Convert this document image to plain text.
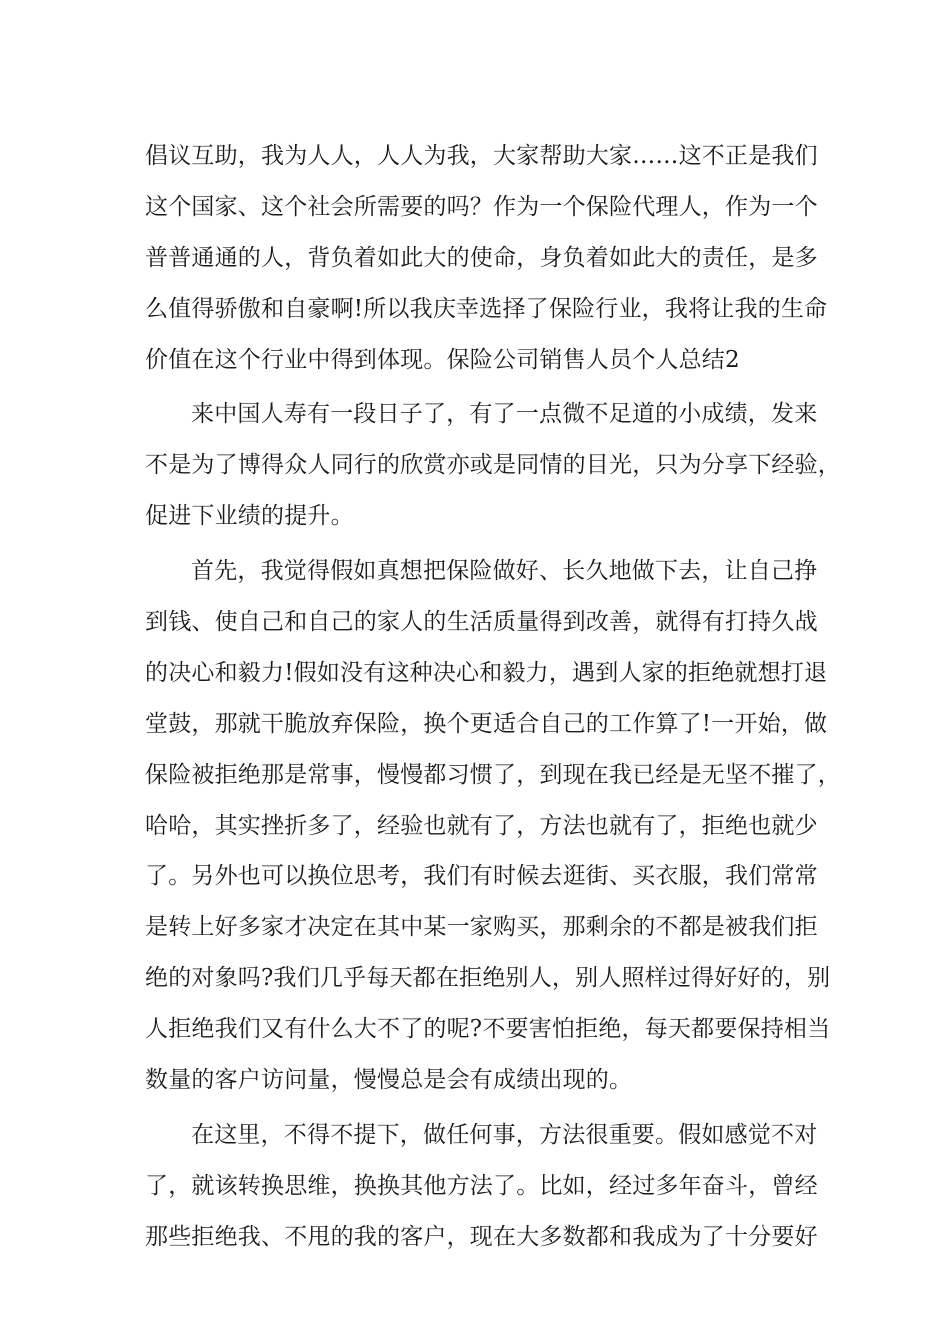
倡议互助，我为人人，人人为我，大家帮助大家……这不正是我们
这个国家、这个社会所需要的吗？作为一个保险代理人，作为一个
普普通通的人，背负着如此大的使命，身负着如此大的责任，是多
么值得骄傲和自豪啊!所以我庆幸选择了保险行业，我将让我的生命
价值在这个行业中得到体现。保险公司销售人员个人总结2
来中国人寿有一段日子了，有了一点微不足道的小成绩，发来
不是为了博得众人同行的欣赏亦或是同情的目光，只为分享下经验，
促进下业绩的提升。
首先，我觉得假如真想把保险做好、长久地做下去，让自己挣
到钱、使自己和自己的家人的生活质量得到改善，就得有打持久战
的决心和毅力!假如没有这种决心和毅力，遇到人家的拒绝就想打退
堂鼓，那就干脆放弃保险，换个更适合自己的工作算了!一开始，做
保险被拒绝那是常事，慢慢都习惯了，到现在我已经是无坚不摧了，
哈哈，其实挫折多了，经验也就有了，方法也就有了，拒绝也就少
了。另外也可以换位思考，我们有时候去逛街、买衣服，我们常常
是转上好多家才决定在其中某一家购买，那剩余的不都是被我们拒
绝的对象吗?我们几乎每天都在拒绝别人，别人照样过得好好的，别
人拒绝我们又有什么大不了的呢?不要害怕拒绝，每天都要保持相当
数量的客户访问量，慢慢总是会有成绩出现的。
在这里，不得不提下，做任何事，方法很重要。假如感觉不对
了，就该转换思维，换换其他方法了。比如，经过多年奋斗，曾经
那些拒绝我、不甩的我的客户，现在大多数都和我成为了十分要好
